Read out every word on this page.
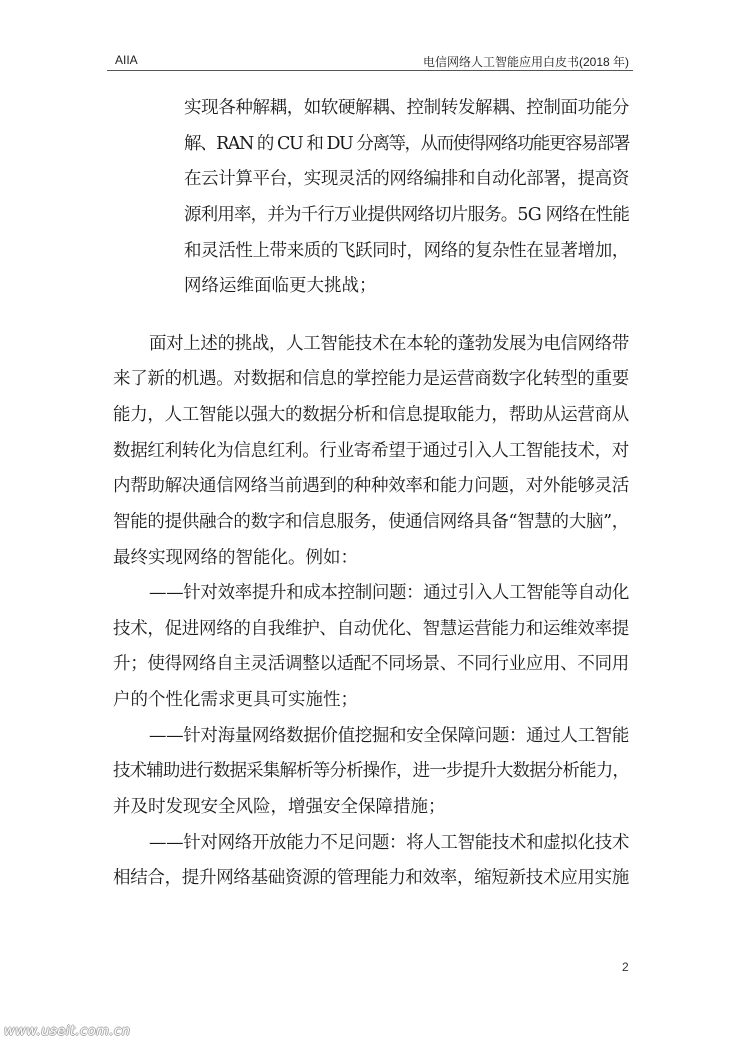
AIIA	电信网络人工智能应用白皮书(2018 年)
实现各种解耦，如软硬解耦、控制转发解耦、控制面功能分
解、RAN 的 CU 和 DU 分离等，从而使得网络功能更容易部署
在云计算平台，实现灵活的网络编排和自动化部署，提高资
源利用率，并为千行万业提供网络切片服务。5G 网络在性能
和灵活性上带来质的飞跃同时，网络的复杂性在显著增加，
网络运维面临更大挑战；
面对上述的挑战，人工智能技术在本轮的蓬勃发展为电信网络带
来了新的机遇。对数据和信息的掌控能力是运营商数字化转型的重要
能力，人工智能以强大的数据分析和信息提取能力，帮助从运营商从
数据红利转化为信息红利。行业寄希望于通过引入人工智能技术，对
内帮助解决通信网络当前遇到的种种效率和能力问题，对外能够灵活
智能的提供融合的数字和信息服务，使通信网络具备“智慧的大脑”，
最终实现网络的智能化。例如：
——针对效率提升和成本控制问题：通过引入人工智能等自动化
技术，促进网络的自我维护、自动优化、智慧运营能力和运维效率提
升；使得网络自主灵活调整以适配不同场景、不同行业应用、不同用
户的个性化需求更具可实施性；
——针对海量网络数据价值挖掘和安全保障问题：通过人工智能
技术辅助进行数据采集解析等分析操作，进一步提升大数据分析能力，
并及时发现安全风险，增强安全保障措施；
——针对网络开放能力不足问题：将人工智能技术和虚拟化技术
相结合，提升网络基础资源的管理能力和效率，缩短新技术应用实施
2
www.useit.com.cn
